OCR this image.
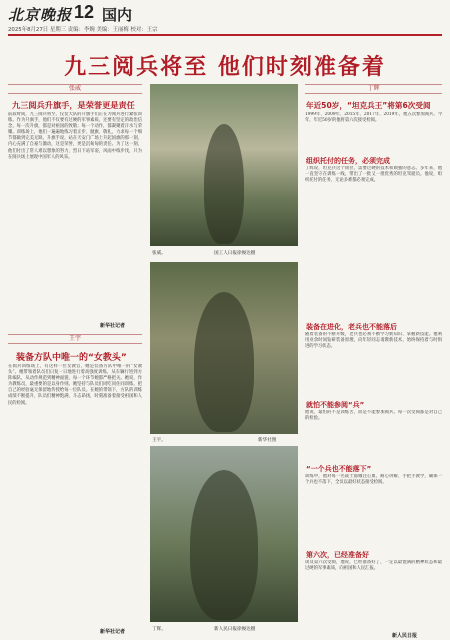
北京晚报 12 国内
2025年8月27日 星期三 责编：李婉 美编：王丽梅 校对：王宗
九三阅兵将至 他们时刻准备着
张威
九三阅兵升旗手，是荣誉更是责任
前段时间，九三阅兵将至，仪仗大队的升旗手们正在为阅兵进行紧张训练。作为升旗手，他们不仅要有过硬的军事素质，还要有坚定的政治信念。每一次升旗，都是对祖国的致敬；每一个动作，都凝聚着汗水与荣耀。训练场上，他们一遍遍地练习着正步、抛旗、敬礼，力求每一个细节都做到完美无缺。升旗手说，站在天安门广场上升起国旗的那一刻，内心充满了自豪与激动，这是荣誉，更是沉甸甸的责任。为了这一刻，他们付出了常人难以想象的努力，烈日下站军姿，风雨中练步伐，只为在阅兵场上展现中国军人的风采。
新华社记者
王宇
装备方队中唯一的“女教头”
在阅兵训练场上，有这样一位女教官，她是装备方队中唯一的“女教头”。她带领着队员们日复一日地进行着高强度训练，从车辆行进到方阵编队，从动作规范到精神面貌，每一个环节她都严格把关。她说，作为教练员，最重要的是以身作则。她坚持与队员们同吃同住同训练，把自己的经验毫无保留地传授给每一位队员。在她的带领下，方队的训练成绩不断提升，队员们精神饱满、斗志昂扬，时刻准备着接受祖国和人民的检阅。
新华社记者
张威。	国工人日报徐俊达摄
王宇。	新华社图
丁辉。	新人民日报徐俊达摄
丁辉
年近50岁，“坦克兵王”将第6次受阅
1999年、2009年、2015年、2017年、2019年，他五次参加阅兵。今年，年近50岁的他将第六次接受检阅。
组织托付的任务，必须完成
丁辉说，坦克兵这个岗位，需要过硬的技术和顽强的意志。多年来，他一直坚守在训练一线，带出了一批又一批优秀的坦克驾驶员。他说，组织托付的任务，无论多难都必须完成。
装备在进化，老兵也不能落后
随着装备的不断升级，老兵也必须不断学习新知识、掌握新技能。他利用业余时间钻研装备原理，向年轻同志请教新技术，始终保持着与时俱进的学习状态。
就怕不能参阅“兵”
他说，最怕的不是训练苦，而是不能参加阅兵。每一次受阅都是对自己的检验。
“一个兵也不能落下”
训练中，他对每一名战士都倾注心血，耐心讲解、手把手教学，确保一个兵也不落下，全员以最好状态接受检阅。
第六次，已经准备好
谈及第六次受阅，他说，已经准备好了，一定以最饱满的精神状态和最过硬的军事素质，向祖国和人民汇报。
新人民日报
